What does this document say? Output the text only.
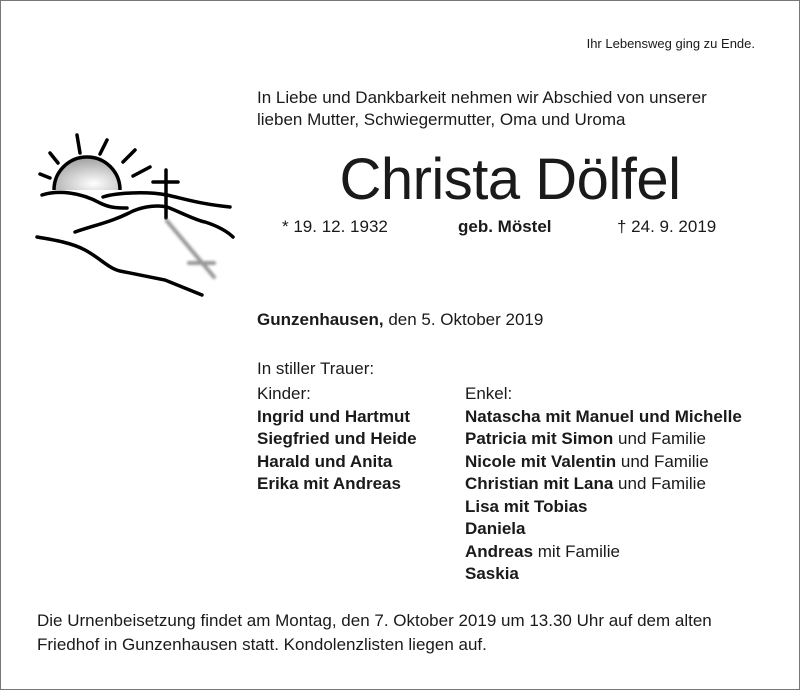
Ihr Lebensweg ging zu Ende.
In Liebe und Dankbarkeit nehmen wir Abschied von unserer
lieben Mutter, Schwiegermutter, Oma und Uroma
Christa Dölfel
* 19. 12. 1932	geb. Möstel	† 24. 9. 2019
Gunzenhausen, den 5. Oktober 2019
In stiller Trauer:
Kinder:
Ingrid und Hartmut
Siegfried und Heide
Harald und Anita
Erika mit Andreas
Enkel:
Natascha mit Manuel und Michelle
Patricia mit Simon und Familie
Nicole mit Valentin und Familie
Christian mit Lana und Familie
Lisa mit Tobias
Daniela
Andreas mit Familie
Saskia
Die Urnenbeisetzung findet am Montag, den 7. Oktober 2019 um 13.30 Uhr auf dem alten
Friedhof in Gunzenhausen statt. Kondolenzlisten liegen auf.
